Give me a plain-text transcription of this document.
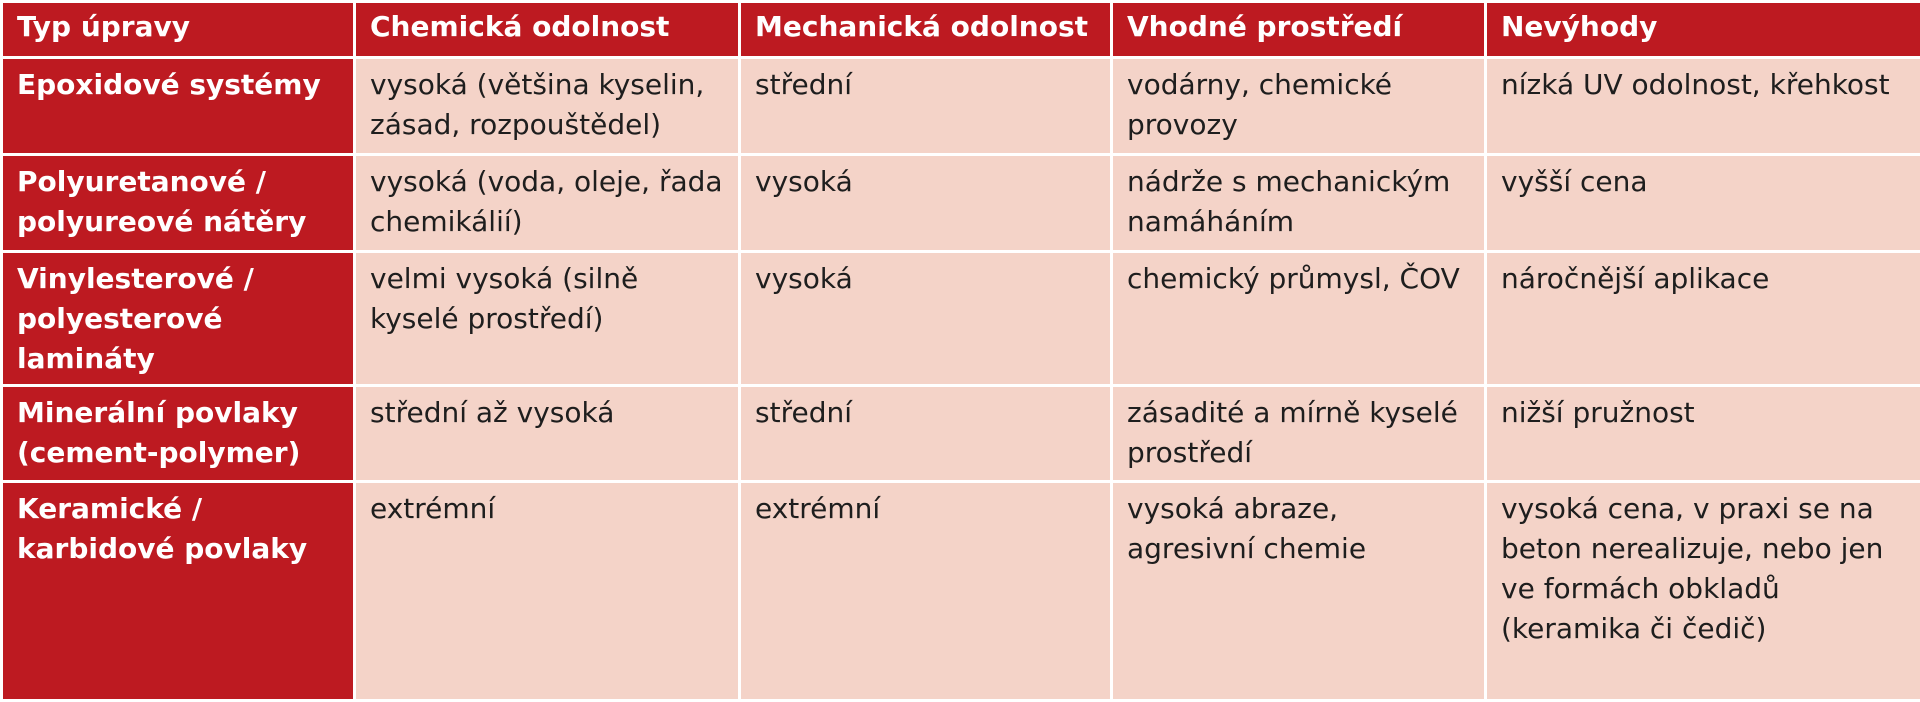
Typ úpravy	Chemická odolnost	Mechanická odolnost	Vhodné prostředí	Nevýhody
Epoxidové systémy	vysoká (většina kyselin, zásad, rozpouštědel)	střední	vodárny, chemické provozy	nízká UV odolnost, křehkost
Polyuretanové / polyureové nátěry	vysoká (voda, oleje, řada chemikálií)	vysoká	nádrže s mechanickým namáháním	vyšší cena
Vinylesterové / polyesterové lamináty	velmi vysoká (silně kyselé prostředí)	vysoká	chemický průmysl, ČOV	náročnější aplikace
Minerální povlaky (cement-polymer)	střední až vysoká	střední	zásadité a mírně kyselé prostředí	nižší pružnost
Keramické / karbidové povlaky	extrémní	extrémní	vysoká abraze, agresivní chemie	vysoká cena, v praxi se na beton nerealizuje, nebo jen ve formách obkladů (keramika či čedič)
